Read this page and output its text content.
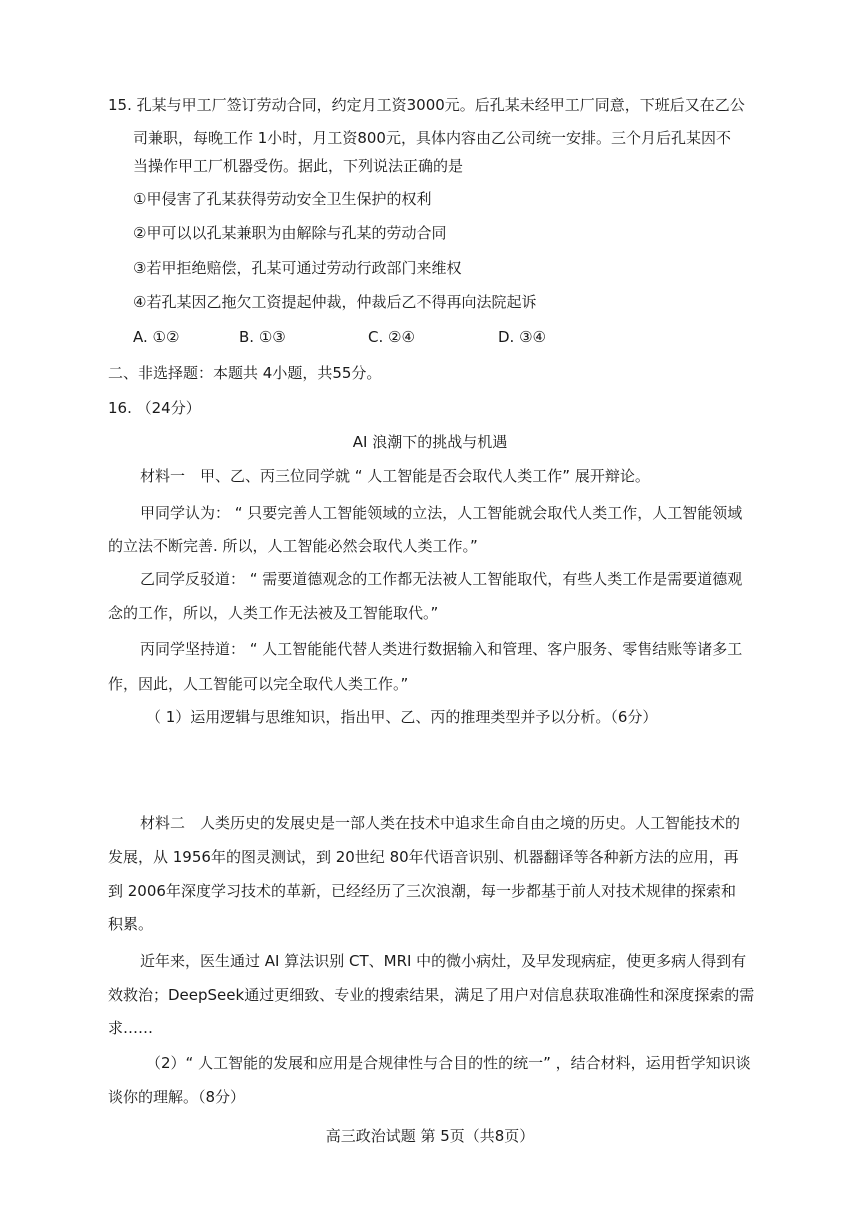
15. 孔某与甲工厂签订劳动合同，约定月工资3000元。后孔某未经甲工厂同意，下班后又在乙公
司兼职，每晚工作 1小时，月工资800元，具体内容由乙公司统一安排。三个月后孔某因不
当操作甲工厂机器受伤。据此，下列说法正确的是
①甲侵害了孔某获得劳动安全卫生保护的权利
②甲可以以孔某兼职为由解除与孔某的劳动合同
③若甲拒绝赔偿，孔某可通过劳动行政部门来维权
④若孔某因乙拖欠工资提起仲裁，仲裁后乙不得再向法院起诉
A. ①②	B. ①③	C. ②④	D. ③④
二、非选择题：本题共 4小题，共55分。
16. （24分）
AI 浪潮下的挑战与机遇
材料一　甲、乙、丙三位同学就 “ 人工智能是否会取代人类工作” 展开辩论。
甲同学认为： “ 只要完善人工智能领域的立法，人工智能就会取代人类工作，人工智能领域
的立法不断完善. 所以，人工智能必然会取代人类工作。”
乙同学反驳道： “ 需要道德观念的工作都无法被人工智能取代，有些人类工作是需要道德观
念的工作，所以，人类工作无法被及工智能取代。”
丙同学坚持道： “ 人工智能能代替人类进行数据输入和管理、客户服务、零售结账等诸多工
作，因此，人工智能可以完全取代人类工作。”
（ 1）运用逻辑与思维知识，指出甲、乙、丙的推理类型并予以分析。（6分）
材料二　人类历史的发展史是一部人类在技术中追求生命自由之境的历史。人工智能技术的
发展，从 1956年的图灵测试，到 20世纪 80年代语音识别、机器翻译等各种新方法的应用，再
到 2006年深度学习技术的革新，已经经历了三次浪潮，每一步都基于前人对技术规律的探索和
积累。
近年来，医生通过 AI 算法识别 CT、MRI 中的微小病灶，及早发现病症，使更多病人得到有
效救治；DeepSeek通过更细致、专业的搜索结果，满足了用户对信息获取准确性和深度探索的需
求……
（2）“ 人工智能的发展和应用是合规律性与合目的性的统一” ，结合材料，运用哲学知识谈
谈你的理解。（8分）
高三政治试题 第 5页（共8页）
